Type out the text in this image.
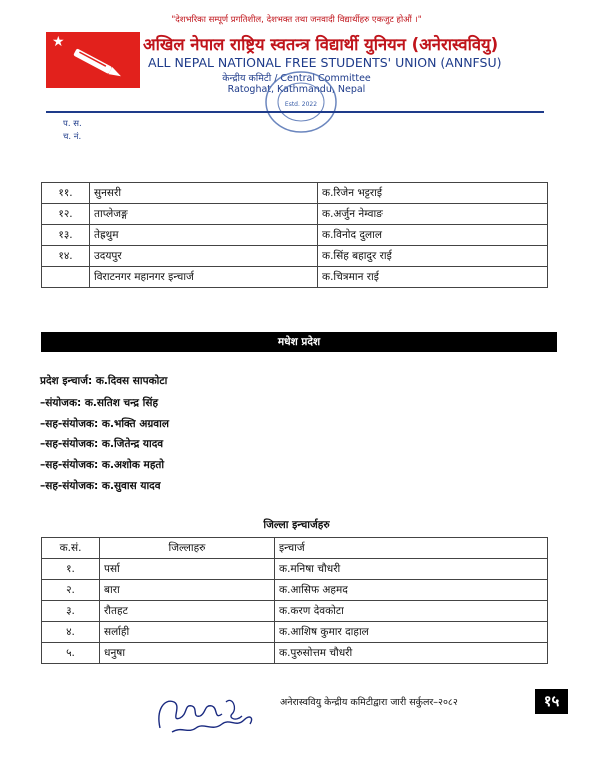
"देशभरिका सम्पूर्ण प्रगतिशील, देशभक्त तथा जनवादी विद्यार्थीहरु एकजुट होऔं ।"
★	अखिल नेपाल राष्ट्रिय स्वतन्त्र विद्यार्थी युनियन (अनेरास्ववियु)
ALL NEPAL NATIONAL FREE STUDENTS' UNION (ANNFSU)
केन्द्रीय कमिटी / Central Committee
Ratoghat, Kathmandu, Nepal
Estd. 2022
प. स.
च. नं.
११.	सुनसरी	क.रिजेन भट्टराई
१२.	ताप्लेजङ्ग	क.अर्जुन नेम्वाङ
१३.	तेह्रथुम	क.विनोद दुलाल
१४.	उदयपुर	क.सिंह बहादुर राई
	विराटनगर महानगर इन्चार्ज	क.चित्रमान राई
मधेश प्रदेश
प्रदेश इन्चार्ज: क.दिवस सापकोटा
–संयोजक: क.सतिश चन्द्र सिंह
–सह-संयोजक: क.भक्ति अग्रवाल
–सह-संयोजक: क.जितेन्द्र यादव
–सह-संयोजक: क.अशोक महतो
–सह-संयोजक: क.सुवास यादव
जिल्ला इन्चार्जहरु
क.सं.	जिल्लाहरु	इन्चार्ज
१.	पर्सा	क.मनिषा चौधरी
२.	बारा	क.आसिफ अहमद
३.	रौतहट	क.करण देवकोटा
४.	सर्लाही	क.आशिष कुमार दाहाल
५.	धनुषा	क.पुरुसोत्तम चौधरी
अनेरास्ववियु केन्द्रीय कमिटीद्वारा जारी सर्कुलर–२०८२	१५
